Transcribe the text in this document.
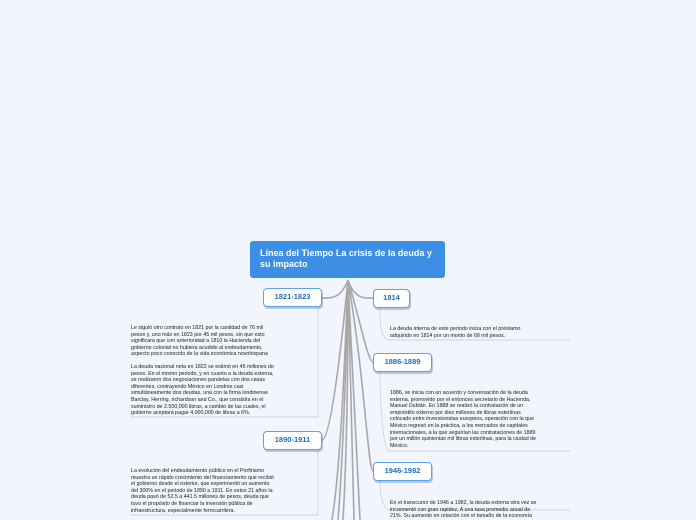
Línea del Tiempo La crisis de la deuda y su impacto
1821-1823
Le siguió otro contrato en 1821 por la cantidad de 76 mil
pesos y, uno más en 1823 por 45 mil pesos, sin que esto
significara que con anterioridad a 1810 la Hacienda del
gobierno colonial no hubiera acudido al endeudamiento,
aspecto poco conocido de la vida económica novohispana
La deuda nacional neta en 1822 se estimó en 45 millones de
pesos. En el mismo periodo, y en cuanto a la deuda externa,
se realizaron dos negociaciones paralelas con dos casas
diferentes, contrayendo México en Londres casi
simultáneamente dos deudas, una con la firma londinense
Barclay, Herring, richardson and Co., que consistía en el
suministro de 2.500,000 libras, a cambio de las cuales, el
gobierno aceptará pagar 4.000,000 de libras a 6%.
1890-1911
La evolución del endeudamiento público en el Porfiriamo
muestra un rápido crecimiento del financiamiento que recibió
el gobierno desde el exterior, que experimentó un aumento
del 300% en el periodo de 1890 a 1911. En estos 21 años la
deuda pasó de 52.5 a 441.5 millones de pesos, deuda que
tuvo el propósito de financiar la inversión pública de
infraestructura, especialmente ferrocarrilera.
1814
La deuda interna de este periodo inicia con el préstamo
adquirido en 1814 por un monto de 68 mil pesos.
1886-1889
1886, se inicia con un acuerdo y conversación de la deuda
externa, promovido por el entonces secretario de Hacienda,
Manuel Dublán. En 1888 se realizó la contratación de un
empréstito externo por diez millones de libras esterlinas
colocado entre inversionistas europeos, operación con la que
México regresó en la práctica, a los mercados de capitales
internacionales, a la que seguirían las contrataciones de 1889
por un millón quinientas mil libras esterlinas, para la ciudad de
México.
1946-1982
En el transcurso de 1946 a 1982, la deuda externa otra vez se
incrementó con gran rapidez. A una tasa promedio anual de
21%. Su aumento en relación con el tamaño de la economía
